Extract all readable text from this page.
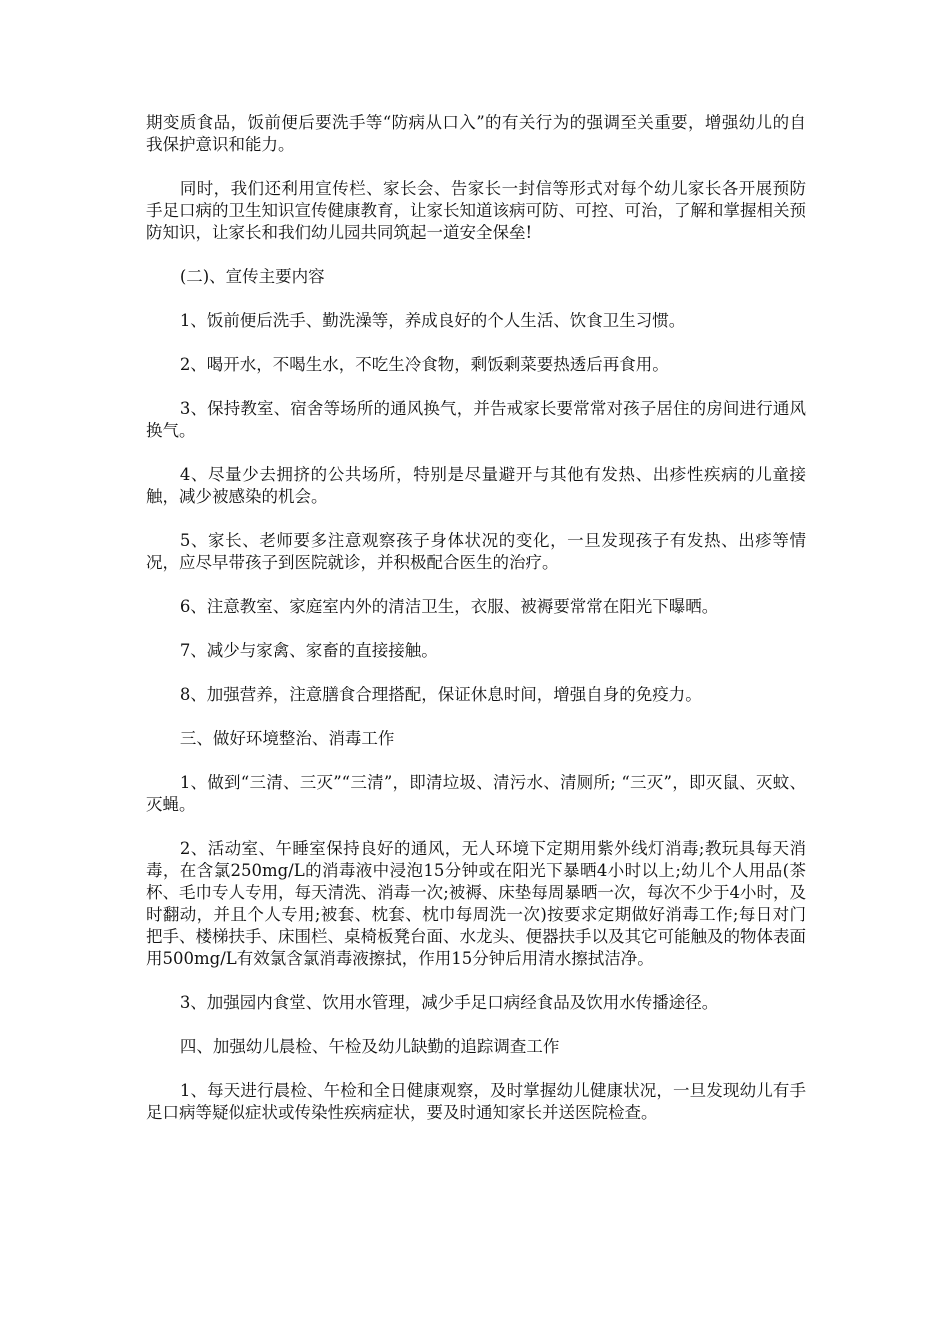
期变质食品，饭前便后要洗手等“防病从口入”的有关行为的强调至关重要，增强幼儿的自我保护意识和能力。

同时，我们还利用宣传栏、家长会、告家长一封信等形式对每个幼儿家长各开展预防手足口病的卫生知识宣传健康教育，让家长知道该病可防、可控、可治，了解和掌握相关预防知识，让家长和我们幼儿园共同筑起一道安全保垒!

(二)、宣传主要内容

1、饭前便后洗手、勤洗澡等，养成良好的个人生活、饮食卫生习惯。

2、喝开水，不喝生水，不吃生冷食物，剩饭剩菜要热透后再食用。

3、保持教室、宿舍等场所的通风换气，并告戒家长要常常对孩子居住的房间进行通风换气。

4、尽量少去拥挤的公共场所，特别是尽量避开与其他有发热、出疹性疾病的儿童接触，减少被感染的机会。

5、家长、老师要多注意观察孩子身体状况的变化，一旦发现孩子有发热、出疹等情况，应尽早带孩子到医院就诊，并积极配合医生的治疗。

6、注意教室、家庭室内外的清洁卫生，衣服、被褥要常常在阳光下曝晒。

7、减少与家禽、家畜的直接接触。

8、加强营养，注意膳食合理搭配，保证休息时间，增强自身的免疫力。

三、做好环境整治、消毒工作

1、做到“三清、三灭”“三清”，即清垃圾、清污水、清厕所; “三灭”，即灭鼠、灭蚊、灭蝇。

2、活动室、午睡室保持良好的通风，无人环境下定期用紫外线灯消毒;教玩具每天消毒，在含氯250mg/L的消毒液中浸泡15分钟或在阳光下暴晒4小时以上;幼儿个人用品(茶杯、毛巾专人专用，每天清洗、消毒一次;被褥、床垫每周暴晒一次，每次不少于4小时，及时翻动，并且个人专用;被套、枕套、枕巾每周洗一次)按要求定期做好消毒工作;每日对门把手、楼梯扶手、床围栏、桌椅板凳台面、水龙头、便器扶手以及其它可能触及的物体表面用500mg/L有效氯含氯消毒液擦拭，作用15分钟后用清水擦拭洁净。

3、加强园内食堂、饮用水管理，减少手足口病经食品及饮用水传播途径。

四、加强幼儿晨检、午检及幼儿缺勤的追踪调查工作

1、每天进行晨检、午检和全日健康观察，及时掌握幼儿健康状况，一旦发现幼儿有手足口病等疑似症状或传染性疾病症状，要及时通知家长并送医院检查。
